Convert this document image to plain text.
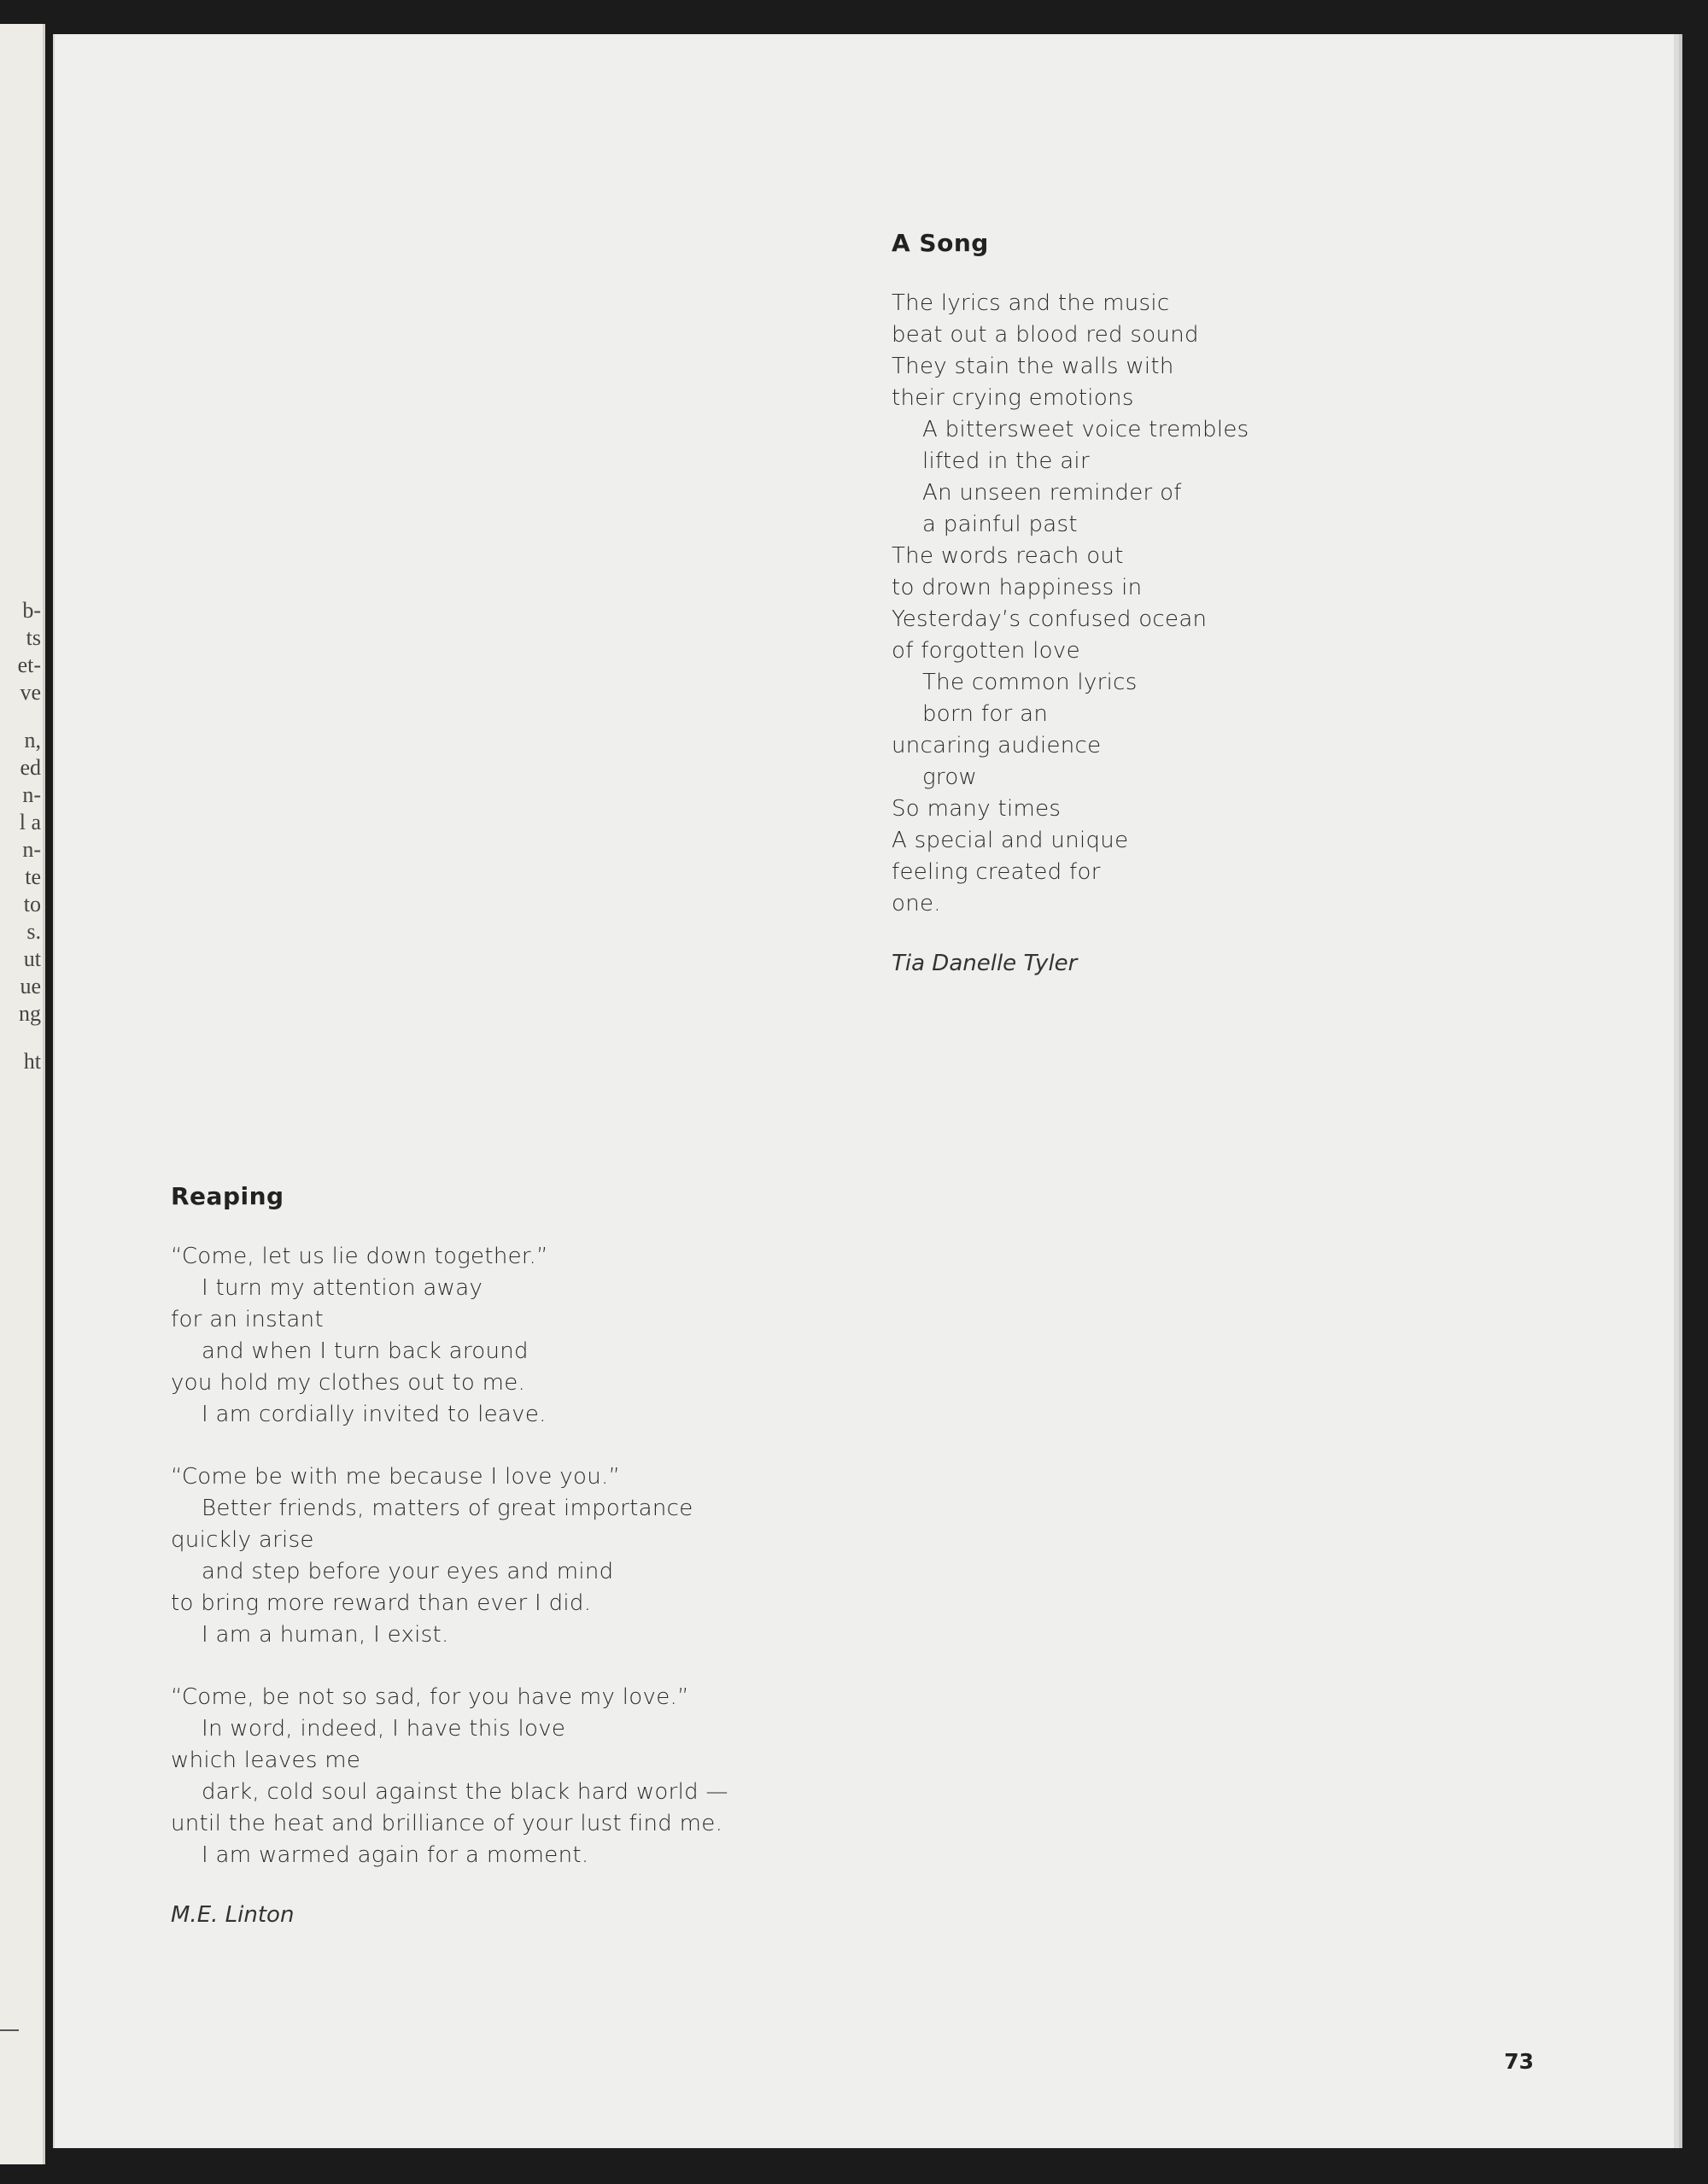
b-
ts
et-
ve
n,
ed
n-
l a
n-
te
to
s.
ut
ue
ng
ht
A Song
The lyrics and the music
beat out a blood red sound
They stain the walls with
their crying emotions
A bittersweet voice trembles
lifted in the air
An unseen reminder of
a painful past
The words reach out
to drown happiness in
Yesterday’s confused ocean
of forgotten love
The common lyrics
born for an
uncaring audience
grow
So many times
A special and unique
feeling created for
one.
Tia Danelle Tyler
Reaping
“Come, let us lie down together.”
I turn my attention away
for an instant
and when I turn back around
you hold my clothes out to me.
I am cordially invited to leave.
“Come be with me because I love you.”
Better friends, matters of great importance
quickly arise
and step before your eyes and mind
to bring more reward than ever I did.
I am a human, I exist.
“Come, be not so sad, for you have my love.”
In word, indeed, I have this love
which leaves me
dark, cold soul against the black hard world —
until the heat and brilliance of your lust find me.
I am warmed again for a moment.
M.E. Linton
73
